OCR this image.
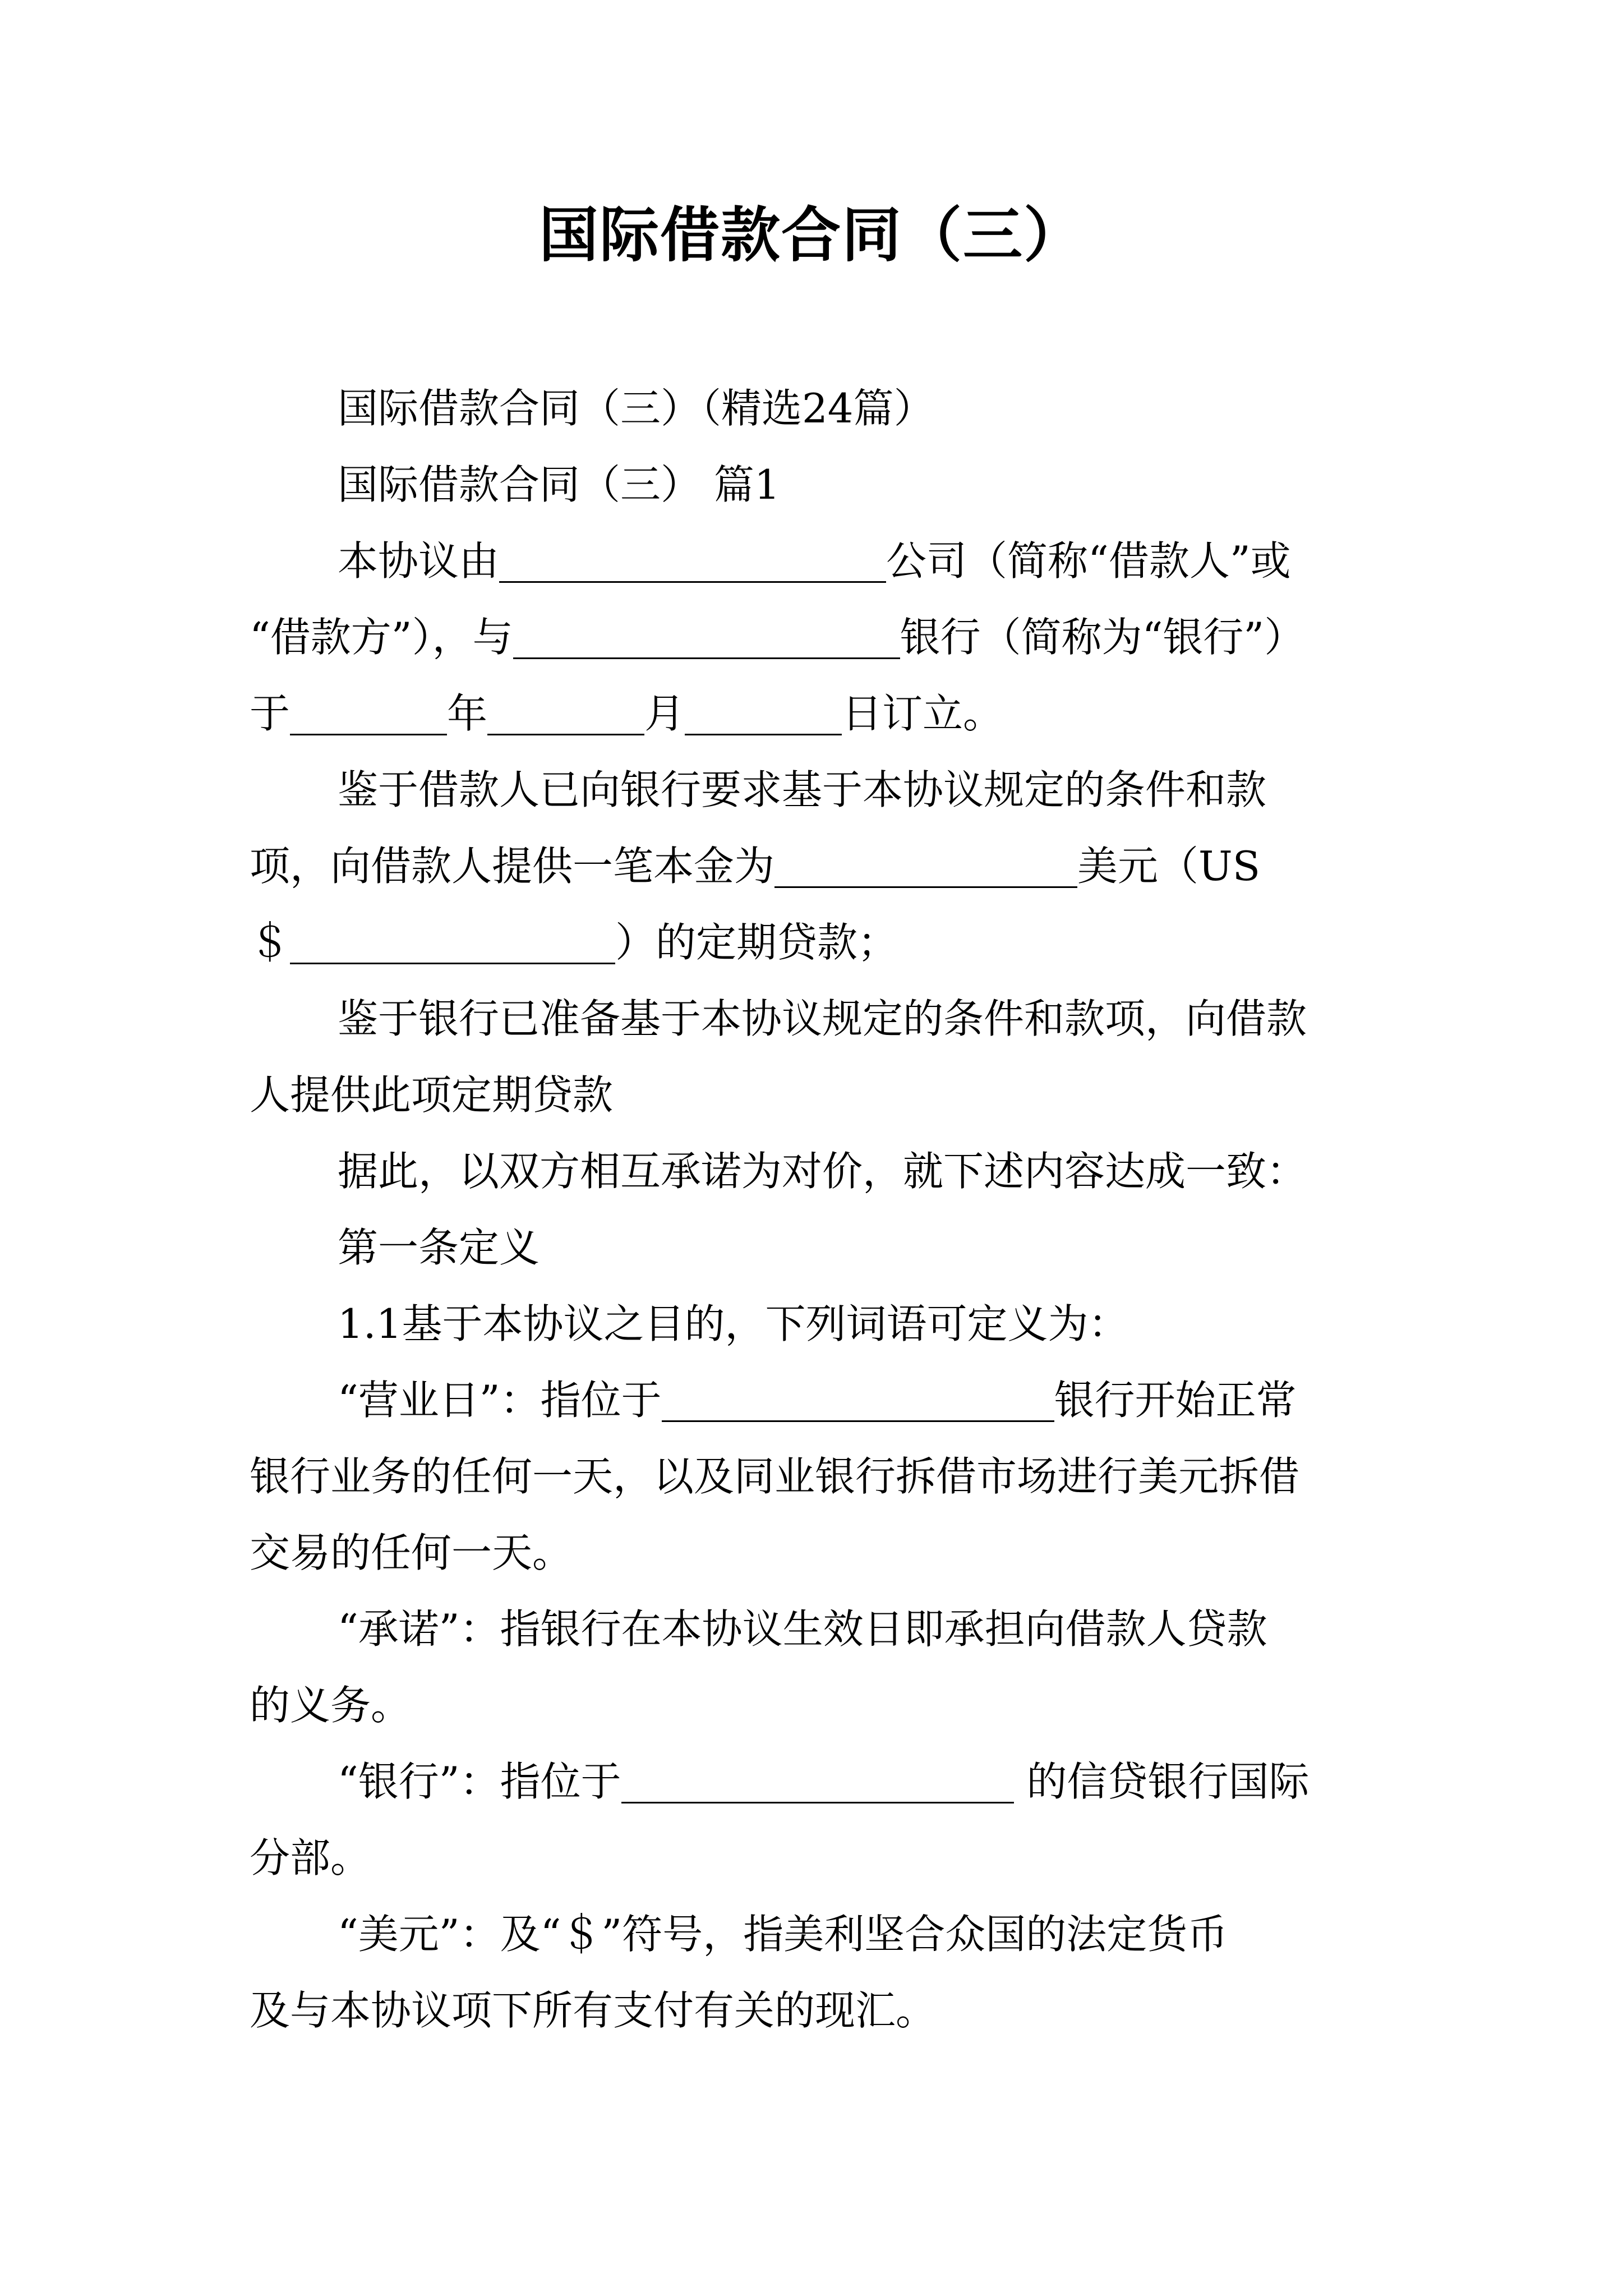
国际借款合同（三）
国际借款合同（三）（精选24篇）
国际借款合同（三） 篇1
本协议由	公司（简称“借款人”或
“借款方”），与	银行（简称为“银行”）
于	年	月	日订立。
鉴于借款人已向银行要求基于本协议规定的条件和款
项，向借款人提供一笔本金为	美元（US
＄	）的定期贷款；
鉴于银行已准备基于本协议规定的条件和款项，向借款
人提供此项定期贷款
据此，以双方相互承诺为对价，就下述内容达成一致：
第一条定义
1.1基于本协议之目的，下列词语可定义为：
“营业日”：指位于	银行开始正常
银行业务的任何一天，以及同业银行拆借市场进行美元拆借
交易的任何一天。
“承诺”：指银行在本协议生效日即承担向借款人贷款
的义务。
“银行”：指位于	的信贷银行国际
分部。
“美元”：及“＄”符号，指美利坚合众国的法定货币
及与本协议项下所有支付有关的现汇。
